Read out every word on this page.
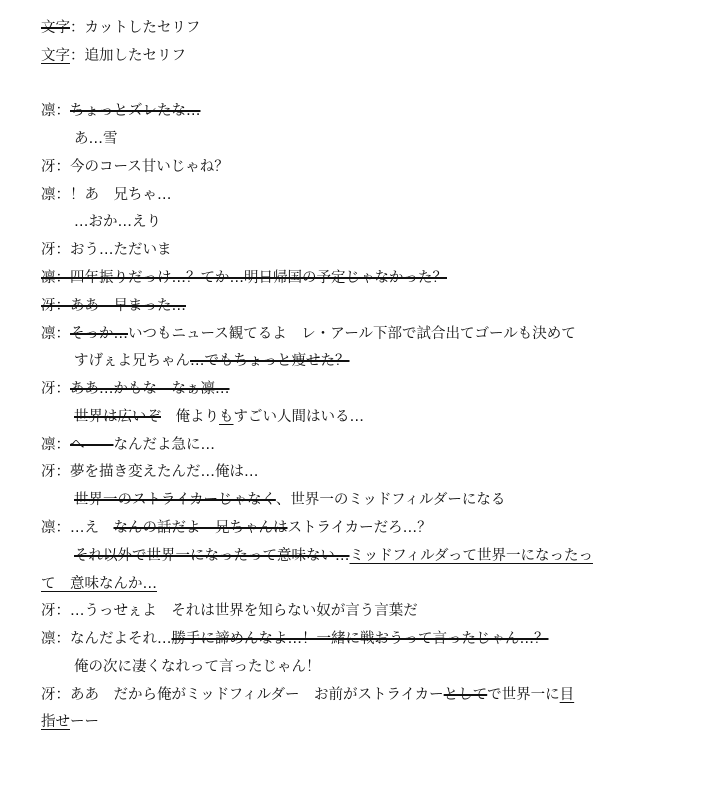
文字：カットしたセリフ
文字：追加したセリフ
凛：ちょっとズレたな…
あ…雪
冴：今のコース甘いじゃね？
凛：！あ　兄ちゃ…
…おか…えり
冴：おう…ただいま
凛：四年振りだっけ…？てか…明日帰国の予定じゃなかった？
冴：ああ　早まった…
凛：そっか…いつもニュース観てるよ　レ・アール下部で試合出てゴールも決めて
すげぇよ兄ちゃん…でもちょっと痩せた？
冴：ああ…かもな　なぁ凛…
世界は広いぞ　俺よりもすごい人間はいる…
凛：へ――なんだよ急に…
冴：夢を描き変えたんだ…俺は…
世界一のストライカーじゃなく、世界一のミッドフィルダーになる
凛：…え　なんの話だよ　兄ちゃんはストライカーだろ…？
それ以外で世界一になったって意味ない…ミッドフィルダって世界一になったっ
て　意味なんか…
冴：…うっせぇよ　それは世界を知らない奴が言う言葉だ
凛：なんだよそれ…勝手に諦めんなよ…！一緒に戦おうって言ったじゃん…？
俺の次に凄くなれって言ったじゃん！
冴：ああ　だから俺がミッドフィルダー　お前がストライカーとしてで世界一に目
指せーー
